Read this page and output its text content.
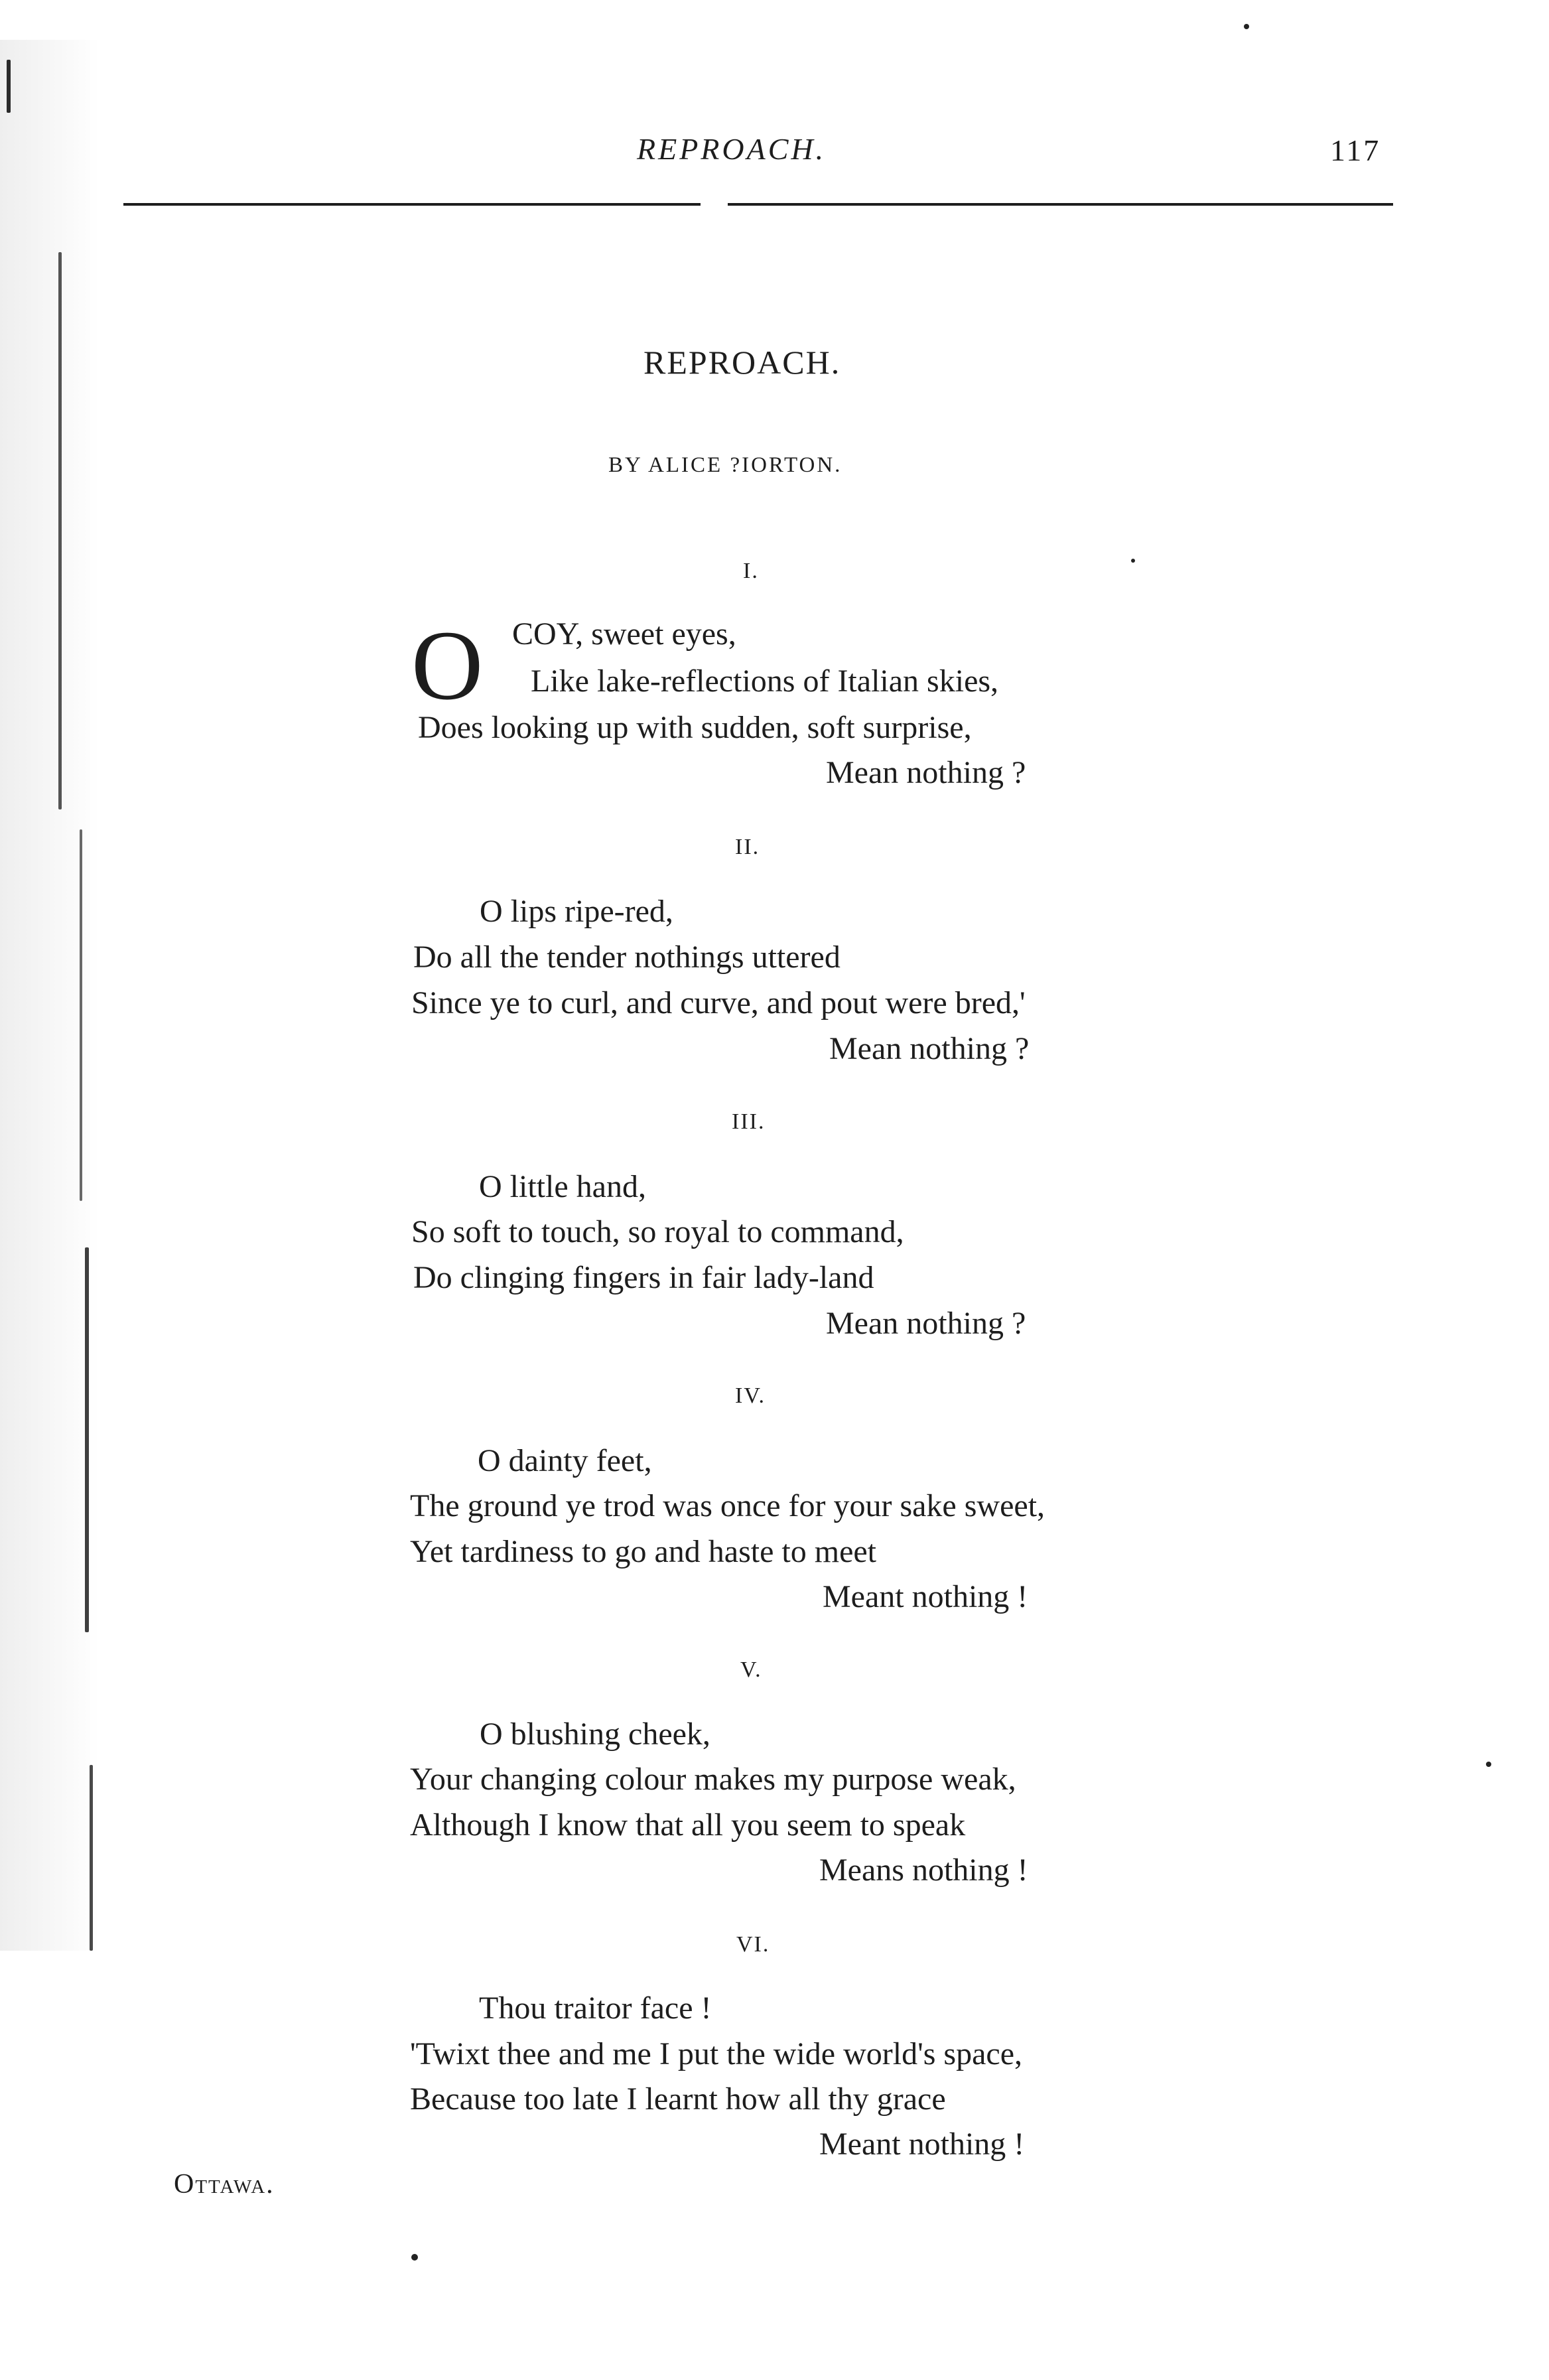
REPROACH.	117
REPROACH.
BY ALICE ?IORTON.
I.
O COY, sweet eyes,
Like lake-reflections of Italian skies,
Does looking up with sudden, soft surprise,
Mean nothing ?
II.
O lips ripe-red,
Do all the tender nothings uttered
Since ye to curl, and curve, and pout were bred,'
Mean nothing ?
III.
O little hand,
So soft to touch, so royal to command,
Do clinging fingers in fair lady-land
Mean nothing ?
IV.
O dainty feet,
The ground ye trod was once for your sake sweet,
Yet tardiness to go and haste to meet
Meant nothing !
V.
O blushing cheek,
Your changing colour makes my purpose weak,
Although I know that all you seem to speak
Means nothing !
VI.
Thou traitor face !
'Twixt thee and me I put the wide world's space,
Because too late I learnt how all thy grace
Meant nothing !
Ottawa.
